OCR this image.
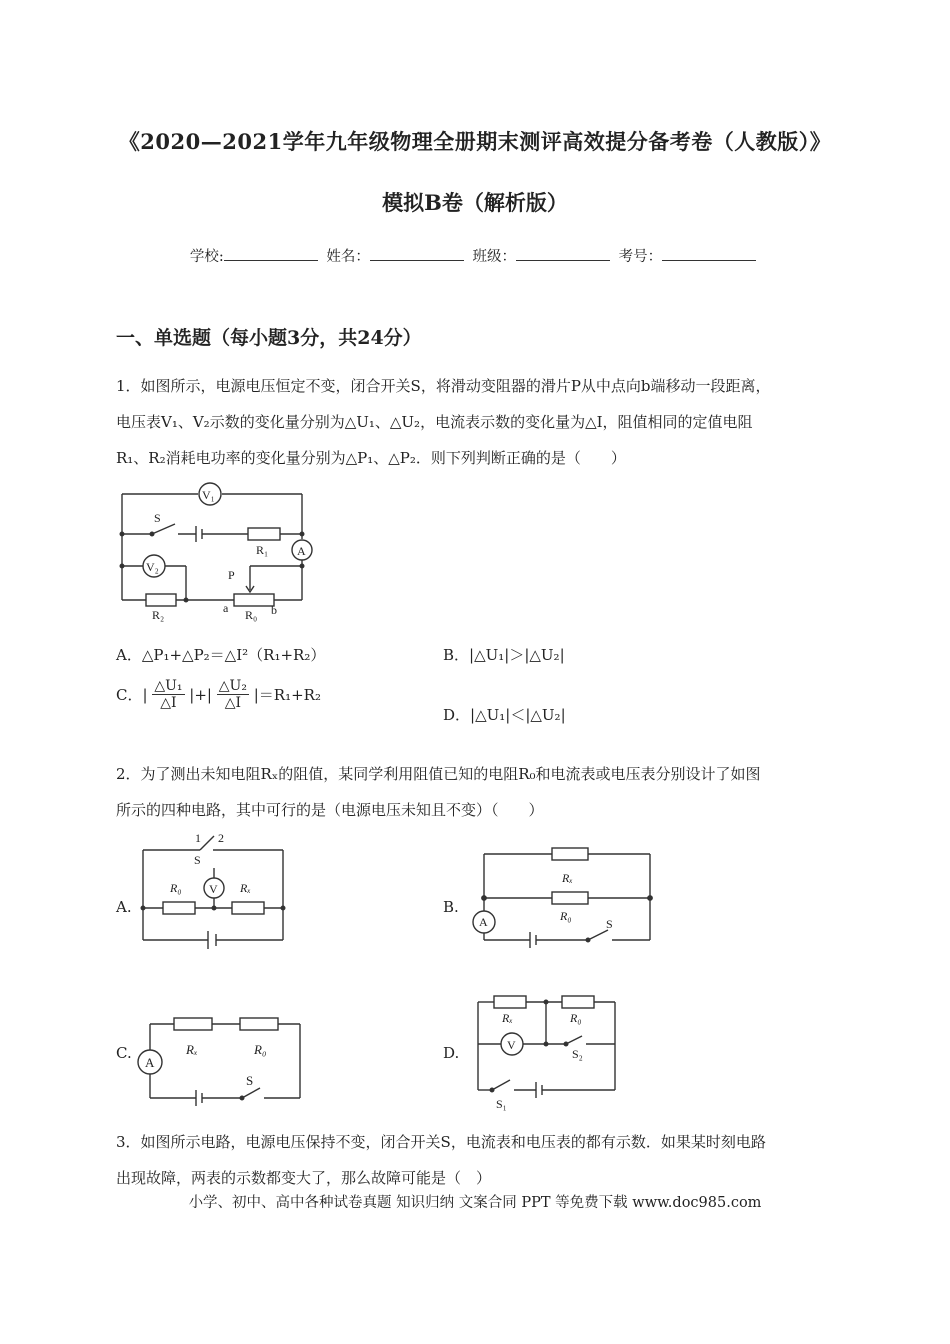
《2020—2021学年九年级物理全册期末测评高效提分备考卷（人教版）》
模拟B卷（解析版）
学校:	姓名：	班级：	考号：
一、单选题（每小题3分，共24分）
1．如图所示，电源电压恒定不变，闭合开关S，将滑动变阻器的滑片P从中点向b端移动一段距离，
电压表V₁、V₂示数的变化量分别为△U₁、△U₂，电流表示数的变化量为△I，阻值相同的定值电阻
R₁、R₂消耗电功率的变化量分别为△P₁、△P₂．则下列判断正确的是（　　）
V₁
V₂
A
S
R₁
R₂	R₀
P
a	b
A．△P₁+△P₂＝△I²（R₁+R₂）	B．|△U₁|＞|△U₂|
C．| $\frac{\text{△U₁}}{\triangle I}$ |+| $\frac{\text{△U₂}}{\triangle I} |=R_1+R_2$
D．|△U₁|＜|△U₂|
2．为了测出未知电阻Rₓ的阻值，某同学利用阻值已知的电阻R₀和电流表或电压表分别设计了如图
所示的四种电路，其中可行的是（电源电压未知且不变）（　　）
A.
1 2
S
V
R₀	Rₓ
B.
Rₓ
R₀
A	S
C.	Rₓ	R₀
A
S
D.
Rₓ	R₀
V
S₂
S₁
3．如图所示电路，电源电压保持不变，闭合开关S，电流表和电压表的都有示数．如果某时刻电路
出现故障，两表的示数都变大了，那么故障可能是（　）
小学、初中、高中各种试卷真题 知识归纳 文案合同 PPT 等免费下载 www.doc985.com
